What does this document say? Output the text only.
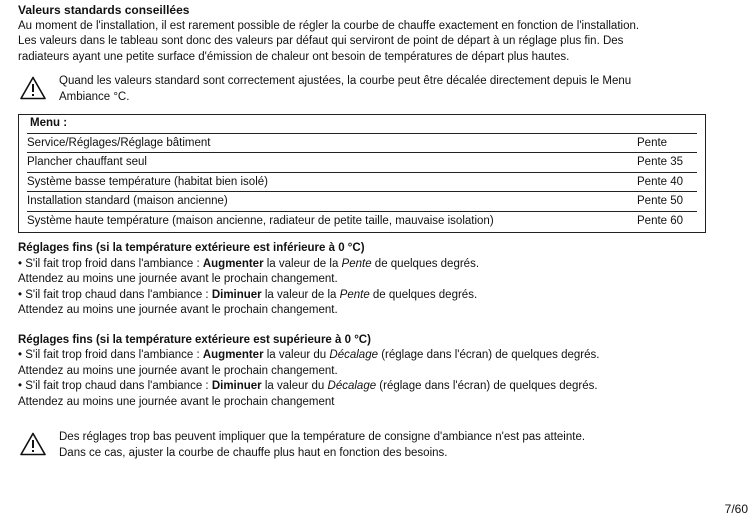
Valeurs standards conseillées
Au moment de l'installation, il est rarement possible de régler la courbe de chauffe exactement en fonction de l'installation.
Les valeurs dans le tableau sont donc des valeurs par défaut qui serviront de point de départ à un réglage plus fin. Des
radiateurs ayant une petite surface d'émission de chaleur ont besoin de températures de départ plus hautes.
Quand les valeurs standard sont correctement ajustées, la courbe peut être décalée directement depuis le Menu
Ambiance °C.
Menu :
Service/Réglages/Réglage bâtiment	Pente
Plancher chauffant seul	Pente 35
Système basse température (habitat bien isolé)	Pente 40
Installation standard (maison ancienne)	Pente 50
Système haute température (maison ancienne, radiateur de petite taille, mauvaise isolation)	Pente 60
Réglages fins (si la température extérieure est inférieure à 0 °C)
• S'il fait trop froid dans l'ambiance : Augmenter la valeur de la Pente de quelques degrés.
Attendez au moins une journée avant le prochain changement.
• S'il fait trop chaud dans l'ambiance : Diminuer la valeur de la Pente de quelques degrés.
Attendez au moins une journée avant le prochain changement.
Réglages fins (si la température extérieure est supérieure à 0 °C)
• S'il fait trop froid dans l'ambiance : Augmenter la valeur du Décalage (réglage dans l'écran) de quelques degrés.
Attendez au moins une journée avant le prochain changement.
• S'il fait trop chaud dans l'ambiance : Diminuer la valeur du Décalage (réglage dans l'écran) de quelques degrés.
Attendez au moins une journée avant le prochain changement
Des réglages trop bas peuvent impliquer que la température de consigne d'ambiance n'est pas atteinte.
Dans ce cas, ajuster la courbe de chauffe plus haut en fonction des besoins.
7/60
